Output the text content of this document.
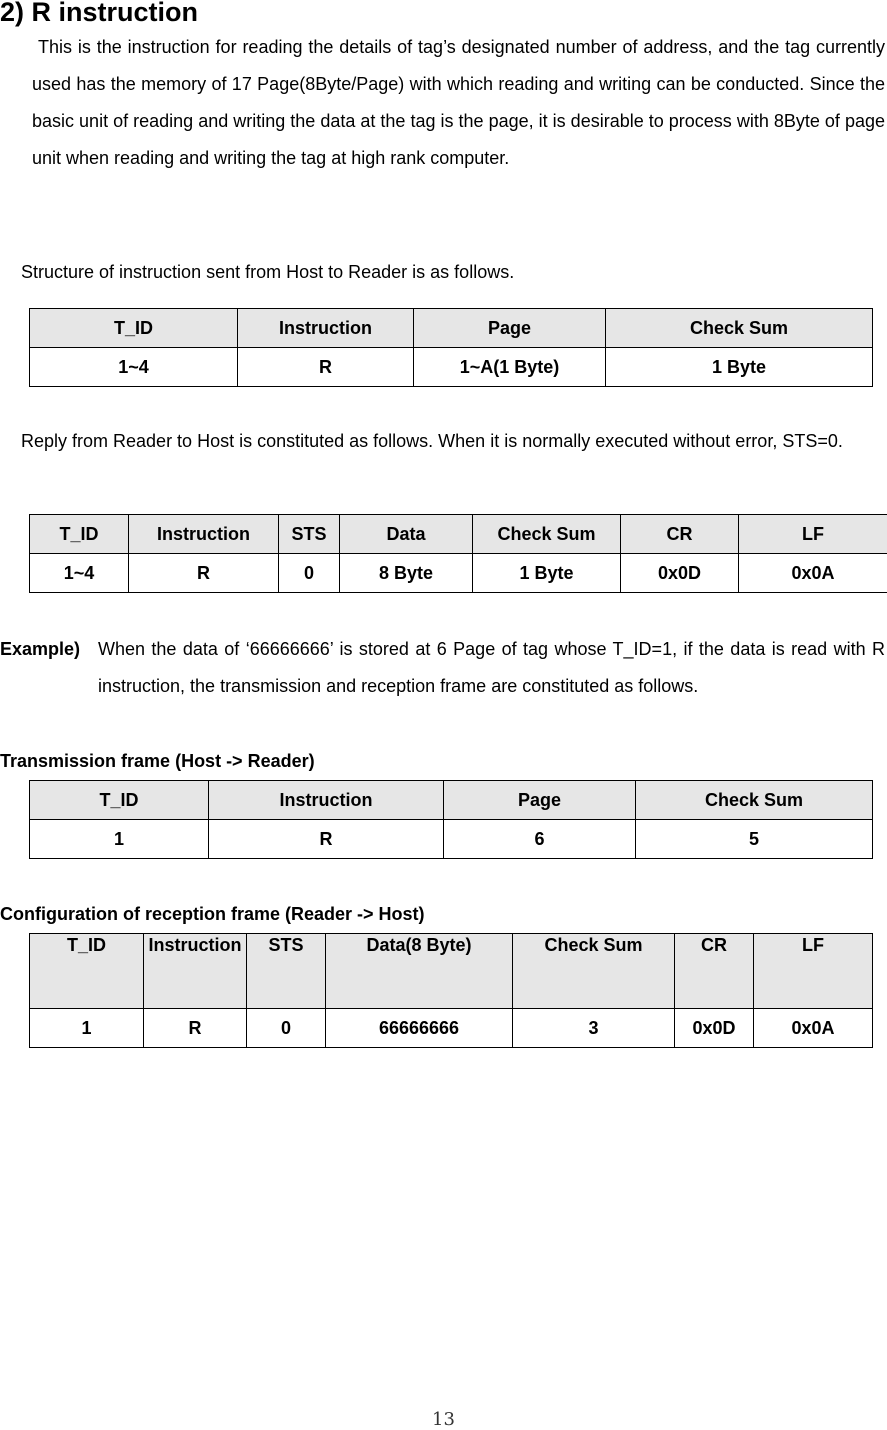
2) R instruction

This is the instruction for reading the details of tag’s designated number of address, and the tag currently used has the memory of 17 Page(8Byte/Page) with which reading and writing can be conducted. Since the basic unit of reading and writing the data at the tag is the page, it is desirable to process with 8Byte of page unit when reading and writing the tag at high rank computer.

Structure of instruction sent from Host to Reader is as follows.

T_ID	Instruction	Page	Check Sum
1~4	R	1~A(1 Byte)	1 Byte

Reply from Reader to Host is constituted as follows. When it is normally executed without error, STS=0.

T_ID	Instruction	STS	Data	Check Sum	CR	LF
1~4	R	0	8 Byte	1 Byte	0x0D	0x0A
Example) When the data of ‘66666666’ is stored at 6 Page of tag whose T_ID=1, if the data is read with R instruction, the transmission and reception frame are constituted as follows.

Transmission frame (Host -> Reader)
T_ID	Instruction	Page	Check Sum
1	R	6	5
Configuration of reception frame (Reader -> Host)
T_ID	Instruction	STS	Data(8 Byte)	Check Sum	CR	LF
1	R	0	66666666	3	0x0D	0x0A
13
